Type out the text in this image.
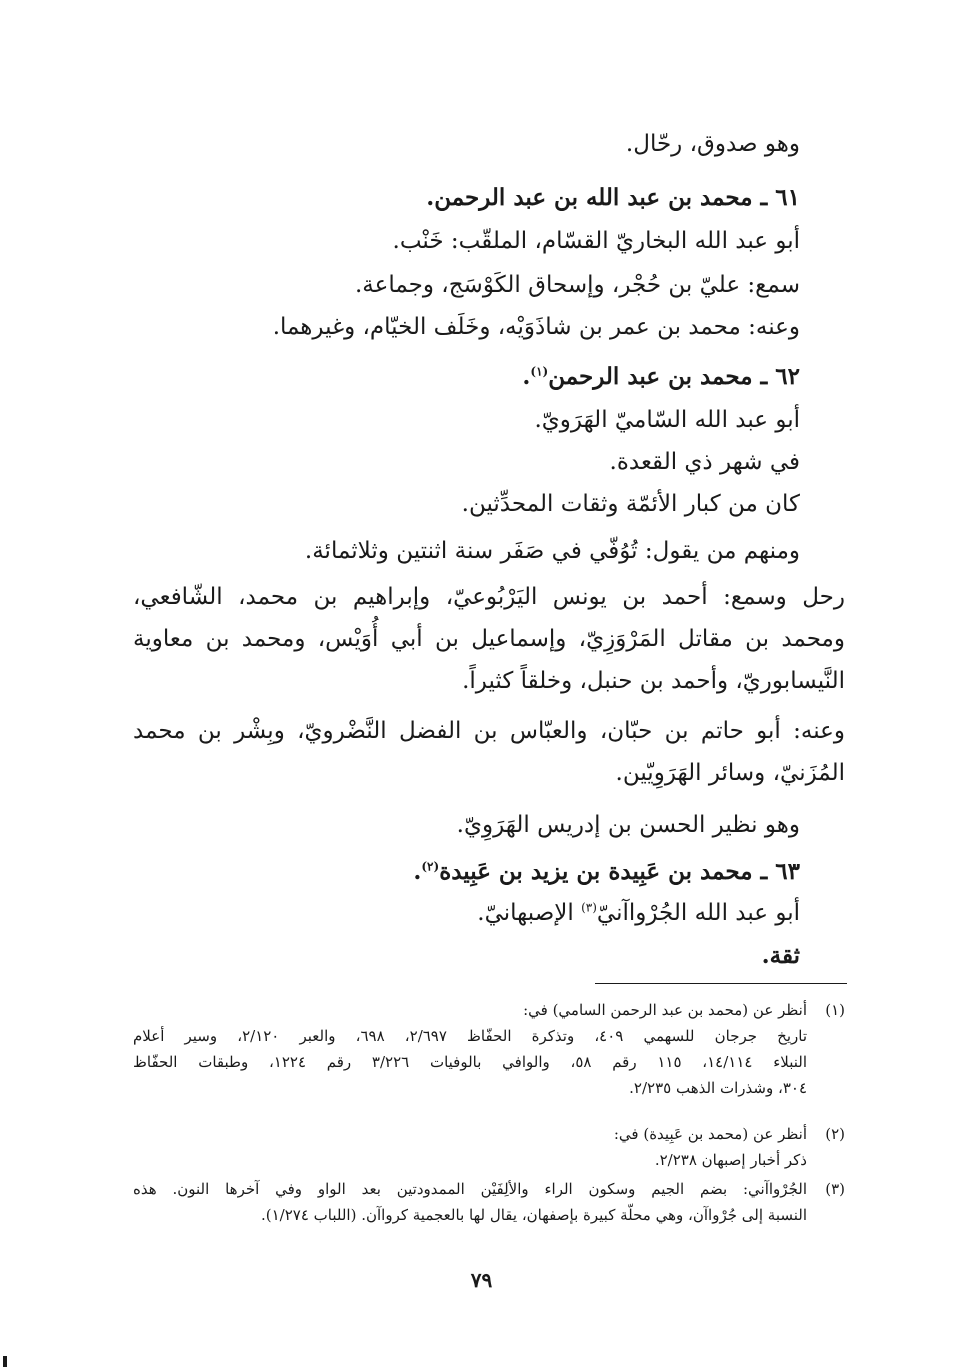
وهو صدوق، رحّال.
٦١ ـ محمد بن عبد الله بن عبد الرحمن.
أبو عبد الله البخاريّ القسّام، الملقّب: خَنْب.
سمع: عليّ بن حُجْر، وإسحاق الكَوْسَج، وجماعة.
وعنه: محمد بن عمر بن شاذَوَيْه، وخَلَف الخيّام، وغيرهما.
٦٢ ـ محمد بن عبد الرحمن$^{(١)}$.
أبو عبد الله السّاميّ الهَرَويّ.
في شهر ذي القعدة.
كان من كبار الأئمّة وثقات المحدِّثين.
ومنهم من يقول: تُوُفّي في صَفَر سنة اثنتين وثلاثمائة.
رحل وسمع: أحمد بن يونس اليَرْبُوعيّ، وإبراهيم بن محمد، الشّافعي،
ومحمد بن مقاتل المَرْوَزِيّ، وإسماعيل بن أبي أُوَيْس، ومحمد بن معاوية
النَّيسابوريّ، وأحمد بن حنبل، وخلقاً كثيراً.
وعنه: أبو حاتم بن حبّان، والعبّاس بن الفضل النَّضْرويّ، وبِشْر بن محمد
المُزَنيّ، وسائر الهَرَوِيّين.
وهو نظير الحسن بن إدريس الهَرَوِيّ.
٦٣ ـ محمد بن عَبِيدة بن يزيد بن عَبِيدة$^{(٢)}$.
أبو عبد الله الجُرْواآنيّ$^{(٣)}$ الإصبهانيّ.
ثقة.
(١)
أنظر عن (محمد بن عبد الرحمن السامي) في:
تاريخ جرجان للسهمي ٤٠٩، وتذكرة الحفّاظ ٢/٦٩٧، ٦٩٨، والعبر ٢/١٢٠، وسير أعلام
النبلاء ١٤/١١٤، ١١٥ رقم ٥٨، والوافي بالوفيات ٣/٢٢٦ رقم ١٢٢٤، وطبقات الحفّاظ
٣٠٤، وشذرات الذهب ٢/٢٣٥.
(٢)
أنظر عن (محمد بن عَبِيدة) في:
ذكر أخبار إصبهان ٢/٢٣٨.
(٣)
الجُرْواآني: بضم الجيم وسكون الراء والألِفَيْن الممدودتين بعد الواو وفي آخرها النون. هذه
النسبة إلى جُرْواآن، وهي محلّة كبيرة بإصفهان، يقال لها بالعجمية كرواآن. (اللباب ١/٢٧٤).
٧٩
